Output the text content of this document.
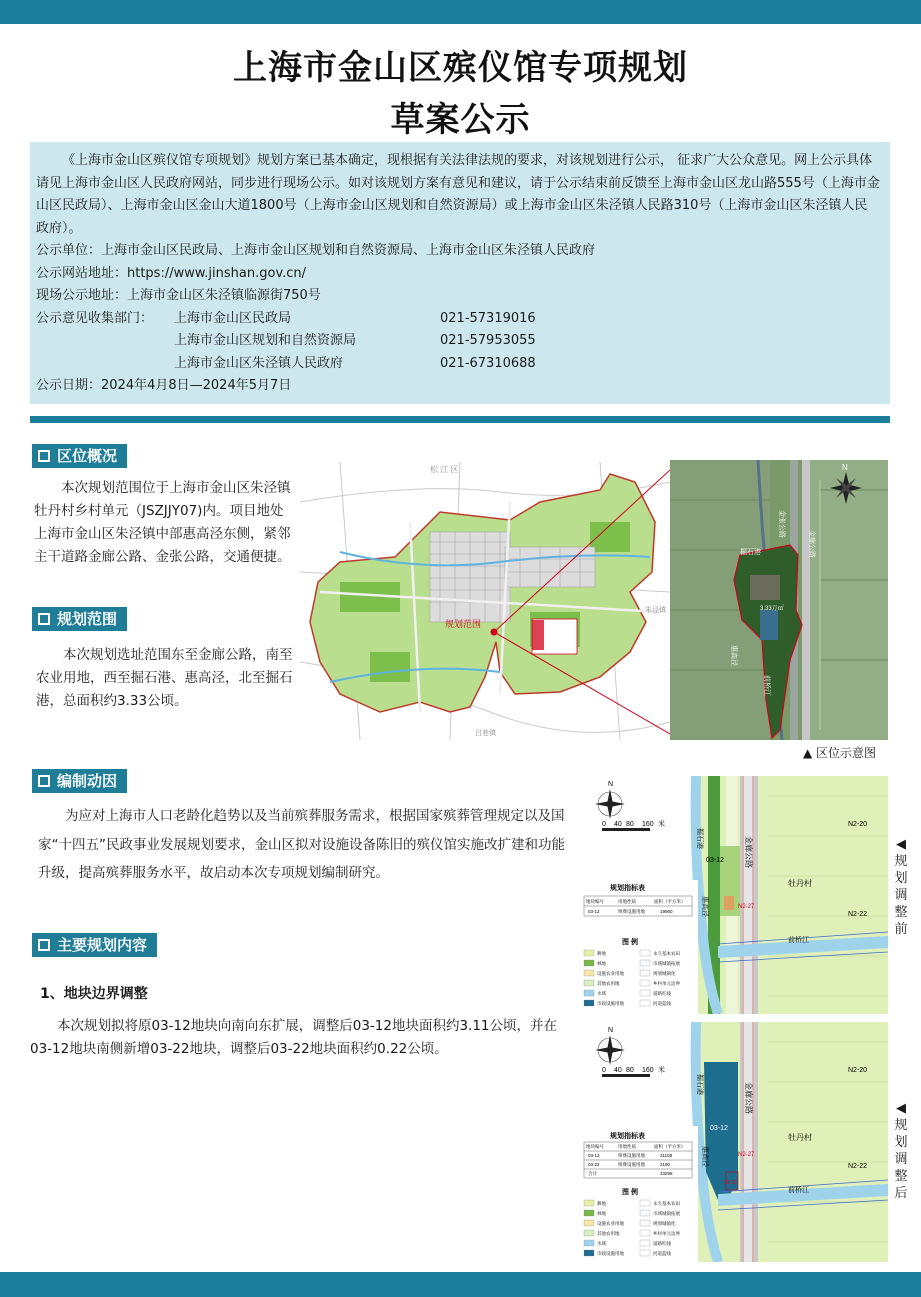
上海市金山区殡仪馆专项规划
草案公示

《上海市金山区殡仪馆专项规划》规划方案已基本确定，现根据有关法律法规的要求，对该规划进行公示， 征求广大公众意见。网上公示具体请见上海市金山区人民政府网站，同步进行现场公示。如对该规划方案有意见和建议，请于公示结束前反馈至上海市金山区龙山路555号（上海市金山区民政局）、上海市金山区金山大道1800号（上海市金山区规划和自然资源局）或上海市金山区朱泾镇人民路310号（上海市金山区朱泾镇人民政府）。

公示单位：上海市金山区民政局、上海市金山区规划和自然资源局、上海市金山区朱泾镇人民政府

公示网站地址：https://www.jinshan.gov.cn/

现场公示地址：上海市金山区朱泾镇临源街750号

公示意见收集部门：	上海市金山区民政局	021-57319016
上海市金山区规划和自然资源局	021-57953055
上海市金山区朱泾镇人民政府	021-67310688

公示日期：2024年4月8日—2024年5月7日

区位概况
本次规划范围位于上海市金山区朱泾镇牡丹村乡村单元（JSZJJY07)内。项目地处上海市金山区朱泾镇中部惠高泾东侧，紧邻主干道路金廊公路、金张公路，交通便捷。
规划范围
本次规划选址范围东至金廊公路，南至农业用地，西至掘石港、惠高泾，北至掘石港，总面积约3.33公顷。
规划范围
松 江 区
吕巷镇
朱泾镇
N
掘石港
3.33万㎡
金张公路
金廊公路
惠高泾
前桥江
▲ 区位示意图
编制动因
为应对上海市人口老龄化趋势以及当前殡葬服务需求，根据国家殡葬管理规定以及国家“十四五”民政事业发展规划要求，金山区拟对设施设备陈旧的殡仪馆实施改扩建和功能升级，提高殡葬服务水平，故启动本次专项规划编制研究。
主要规划内容
1、地块边界调整
本次规划拟将原03-12地块向南向东扩展，调整后03-12地块面积约3.11公顷，并在03-12地块南侧新增03-22地块，调整后03-22地块面积约0.22公顷。
N
0 40 80 160 米
掘石港	金廊公路
牡丹村
惠高泾
前桥江
03-12
N2-20
N2-22
N2-27
规划指标表
地块编号	用地性质	面积（平方米）
03-12	殡葬设施用地	19960
图 例
耕地	永久基本农田
林地	市域城镇拓展
设施农业用地	规划城镇化
其他农用地	乡村单元边界
水域	道路红线
市政设施用地	河道蓝线
◀规划调整前
N
0 40 80 160 米
掘石港	金廊公路
牡丹村
惠高泾
前桥江
03-12
03-22
N2-20
N2-22
N2-27
规划指标表
地块编号	用地性质	面积（平方米）
03-12	殡葬设施用地	31108
03-22	殡葬设施用地	2190
合计	33298
图 例
耕地	永久基本农田
林地	市域城镇拓展
设施农业用地	规划城镇化
其他农用地	乡村单元边界
水域	道路红线
市政设施用地	河道蓝线
◀规划调整后
